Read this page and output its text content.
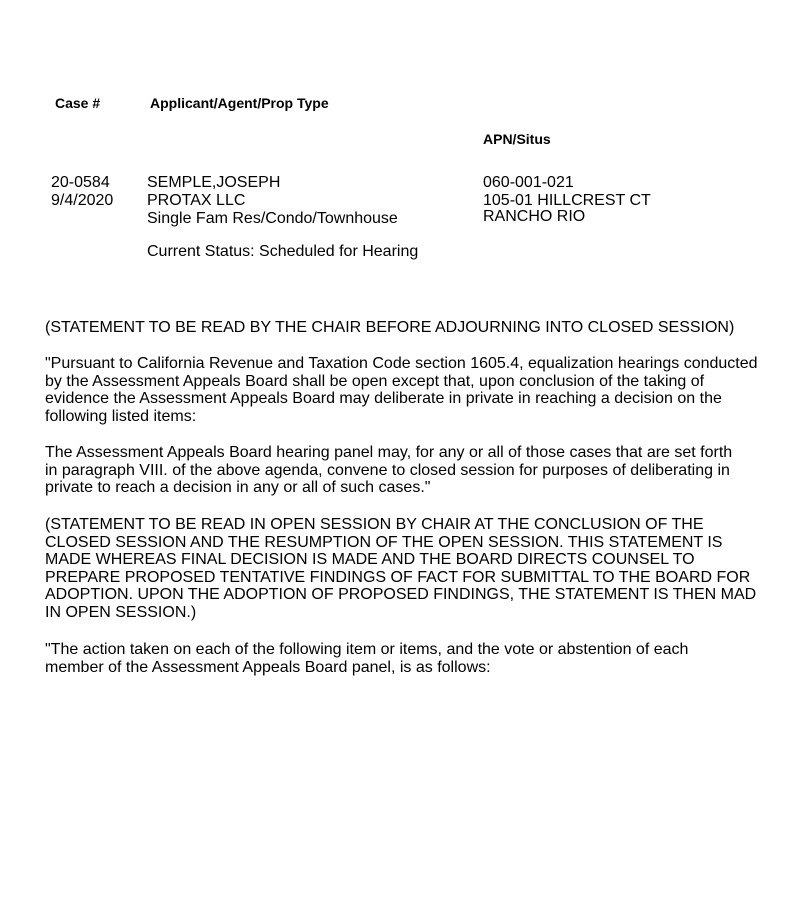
Case #	Applicant/Agent/Prop Type
APN/Situs
20-0584
9/4/2020
SEMPLE,JOSEPH
PROTAX LLC
Single Fam Res/Condo/Townhouse
060-001-021
105-01 HILLCREST CT
RANCHO RIO
Current Status: Scheduled for Hearing
(STATEMENT TO BE READ BY THE CHAIR BEFORE ADJOURNING INTO CLOSED SESSION)
"Pursuant to California Revenue and Taxation Code section 1605.4, equalization hearings conducted
by the Assessment Appeals Board shall be open except that, upon conclusion of the taking of
evidence the Assessment Appeals Board may deliberate in private in reaching a decision on the
following listed items:
The Assessment Appeals Board hearing panel may, for any or all of those cases that are set forth
in paragraph VIII. of the above agenda, convene to closed session for purposes of deliberating in
private to reach a decision in any or all of such cases."
(STATEMENT TO BE READ IN OPEN SESSION BY CHAIR AT THE CONCLUSION OF THE
CLOSED SESSION AND THE RESUMPTION OF THE OPEN SESSION. THIS STATEMENT IS
MADE WHEREAS FINAL DECISION IS MADE AND THE BOARD DIRECTS COUNSEL TO
PREPARE PROPOSED TENTATIVE FINDINGS OF FACT FOR SUBMITTAL TO THE BOARD FOR
ADOPTION. UPON THE ADOPTION OF PROPOSED FINDINGS, THE STATEMENT IS THEN MAD
IN OPEN SESSION.)
"The action taken on each of the following item or items, and the vote or abstention of each
member of the Assessment Appeals Board panel, is as follows:
